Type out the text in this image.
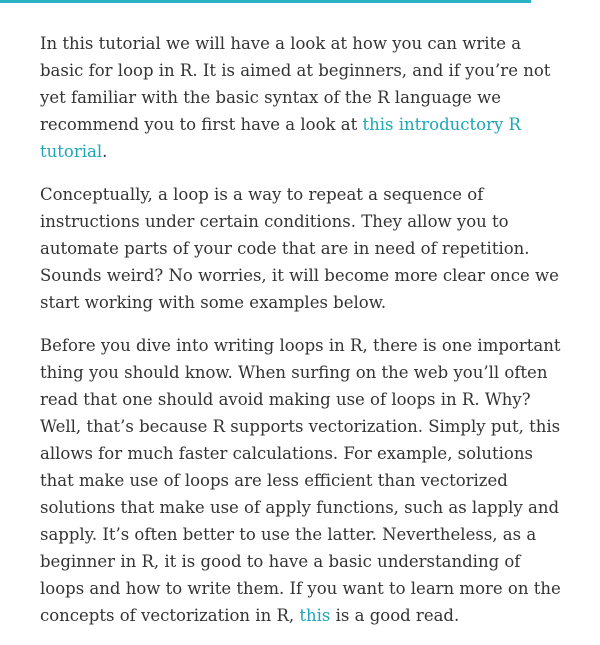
In this tutorial we will have a look at how you can write a basic for loop in R. It is aimed at beginners, and if you’re not yet familiar with the basic syntax of the R language we recommend you to first have a look at this introductory R tutorial.

Conceptually, a loop is a way to repeat a sequence of instructions under certain conditions. They allow you to automate parts of your code that are in need of repetition. Sounds weird? No worries, it will become more clear once we start working with some examples below.

Before you dive into writing loops in R, there is one important thing you should know. When surfing on the web you’ll often read that one should avoid making use of loops in R. Why? Well, that’s because R supports vectorization. Simply put, this allows for much faster calculations. For example, solutions that make use of loops are less efficient than vectorized solutions that make use of apply functions, such as lapply and sapply. It’s often better to use the latter. Nevertheless, as a beginner in R, it is good to have a basic understanding of loops and how to write them. If you want to learn more on the concepts of vectorization in R, this is a good read.
